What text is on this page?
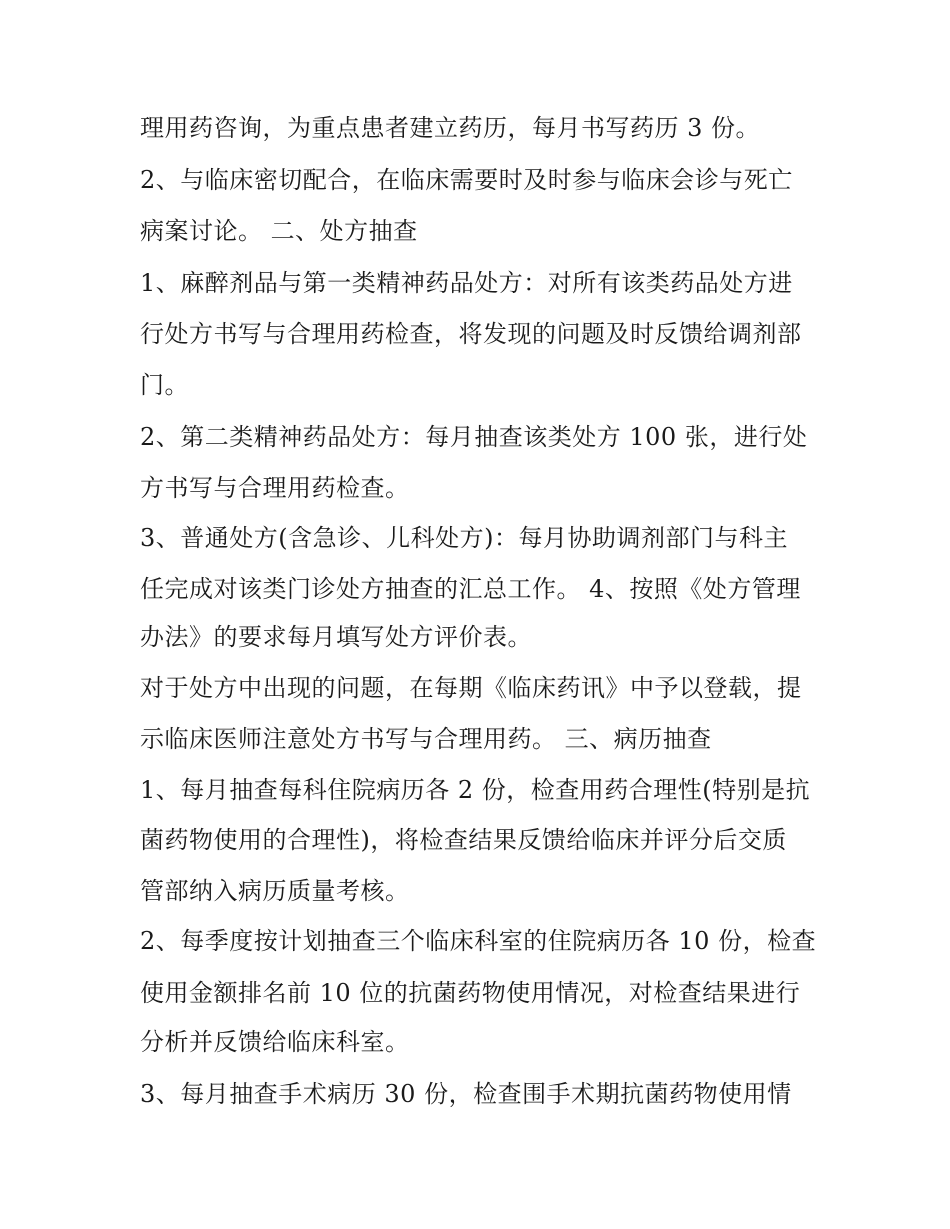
理用药咨询，为重点患者建立药历，每月书写药历 3 份。
2、与临床密切配合，在临床需要时及时参与临床会诊与死亡
病案讨论。 二、处方抽查
1、麻醉剂品与第一类精神药品处方：对所有该类药品处方进
行处方书写与合理用药检查，将发现的问题及时反馈给调剂部
门。
2、第二类精神药品处方：每月抽查该类处方 100 张，进行处
方书写与合理用药检查。
3、普通处方(含急诊、儿科处方)：每月协助调剂部门与科主
任完成对该类门诊处方抽查的汇总工作。 4、按照《处方管理
办法》的要求每月填写处方评价表。
对于处方中出现的问题，在每期《临床药讯》中予以登载，提
示临床医师注意处方书写与合理用药。 三、病历抽查
1、每月抽查每科住院病历各 2 份，检查用药合理性(特别是抗
菌药物使用的合理性)，将检查结果反馈给临床并评分后交质
管部纳入病历质量考核。
2、每季度按计划抽查三个临床科室的住院病历各 10 份，检查
使用金额排名前 10 位的抗菌药物使用情况，对检查结果进行
分析并反馈给临床科室。
3、每月抽查手术病历 30 份，检查围手术期抗菌药物使用情
